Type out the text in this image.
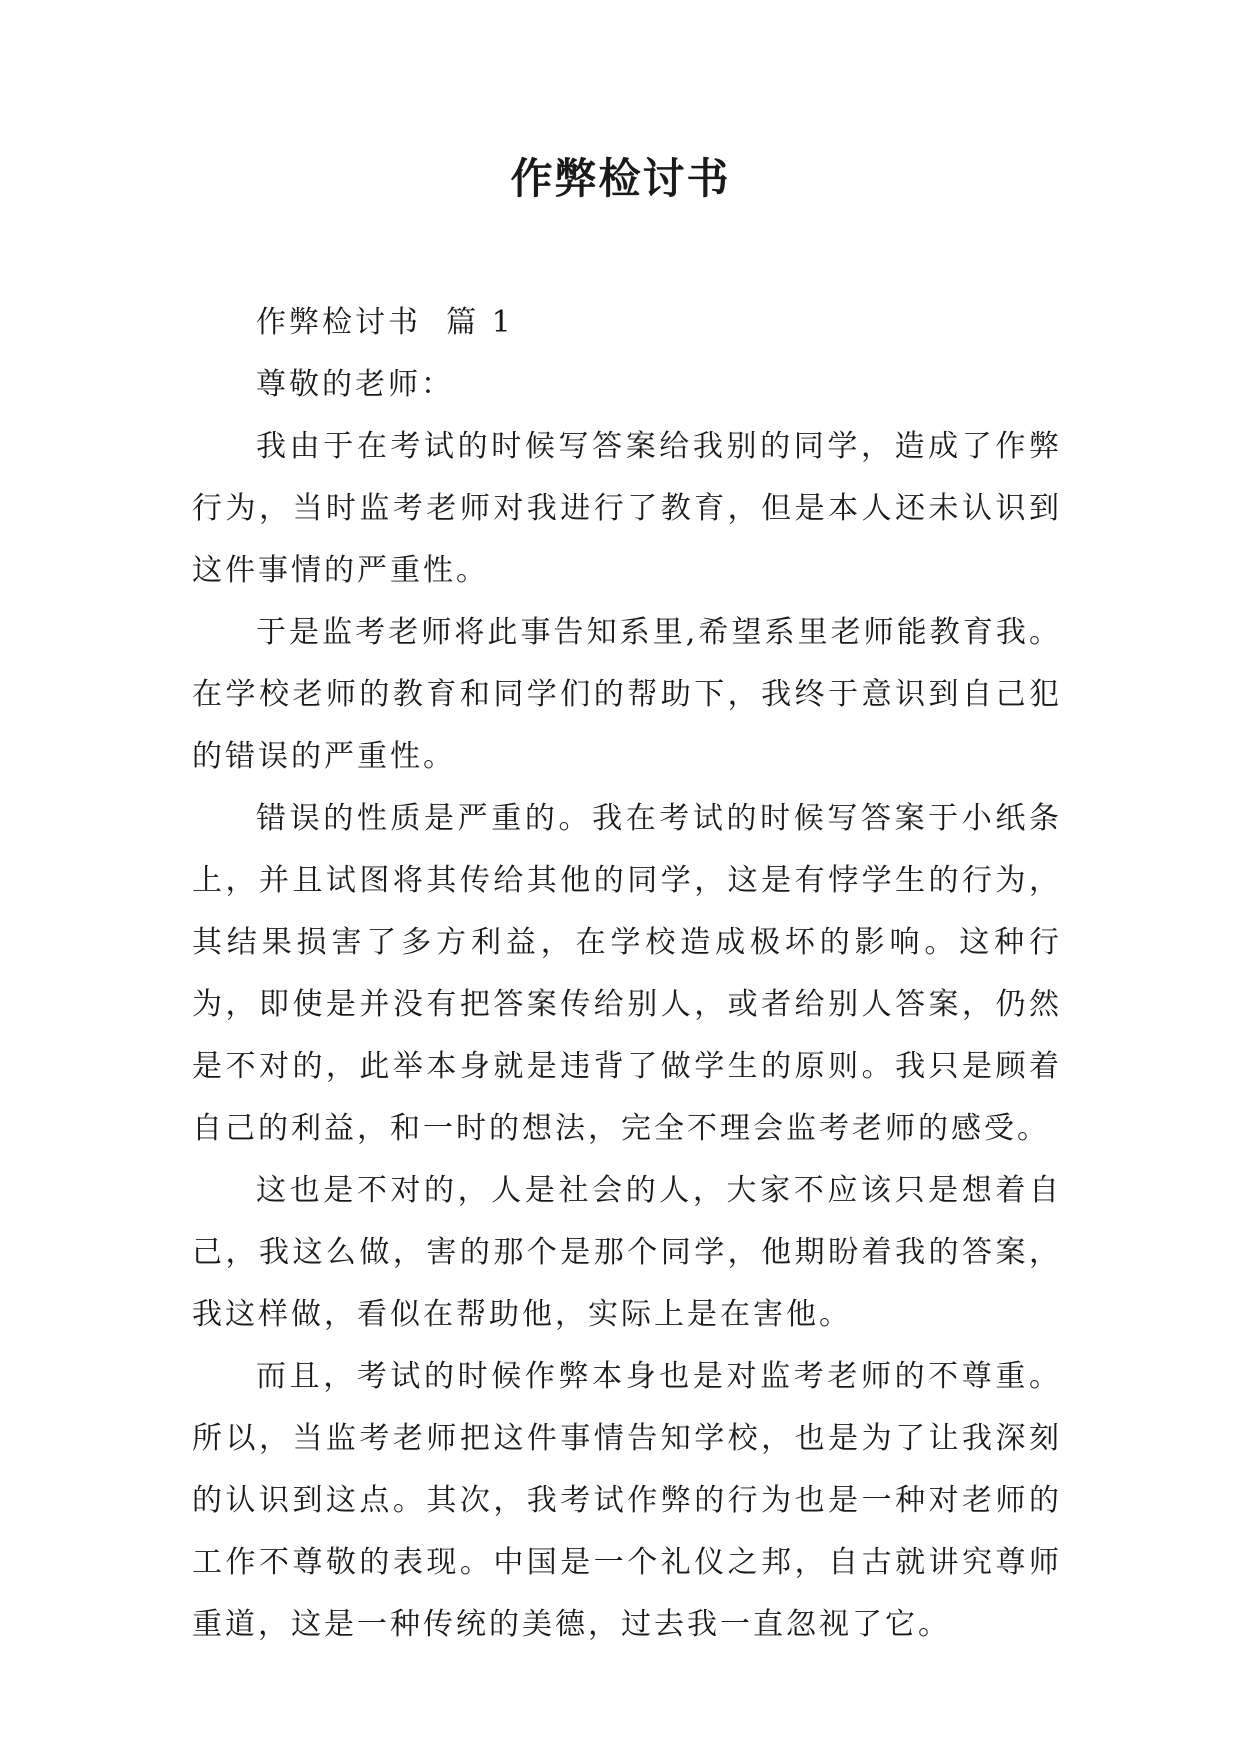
作弊检讨书

作弊检讨书  篇 1

尊敬的老师：

我由于在考试的时候写答案给我别的同学，造成了作弊行为，当时监考老师对我进行了教育，但是本人还未认识到这件事情的严重性。

于是监考老师将此事告知系里,希望系里老师能教育我。在学校老师的教育和同学们的帮助下，我终于意识到自己犯的错误的严重性。

错误的性质是严重的。我在考试的时候写答案于小纸条上，并且试图将其传给其他的同学，这是有悖学生的行为，其结果损害了多方利益，在学校造成极坏的影响。这种行为，即使是并没有把答案传给别人，或者给别人答案，仍然是不对的，此举本身就是违背了做学生的原则。我只是顾着自己的利益，和一时的想法，完全不理会监考老师的感受。

这也是不对的，人是社会的人，大家不应该只是想着自己，我这么做，害的那个是那个同学，他期盼着我的答案，我这样做，看似在帮助他，实际上是在害他。

而且，考试的时候作弊本身也是对监考老师的不尊重。所以，当监考老师把这件事情告知学校，也是为了让我深刻的认识到这点。其次，我考试作弊的行为也是一种对老师的工作不尊敬的表现。中国是一个礼仪之邦，自古就讲究尊师重道，这是一种传统的美德，过去我一直忽视了它。
